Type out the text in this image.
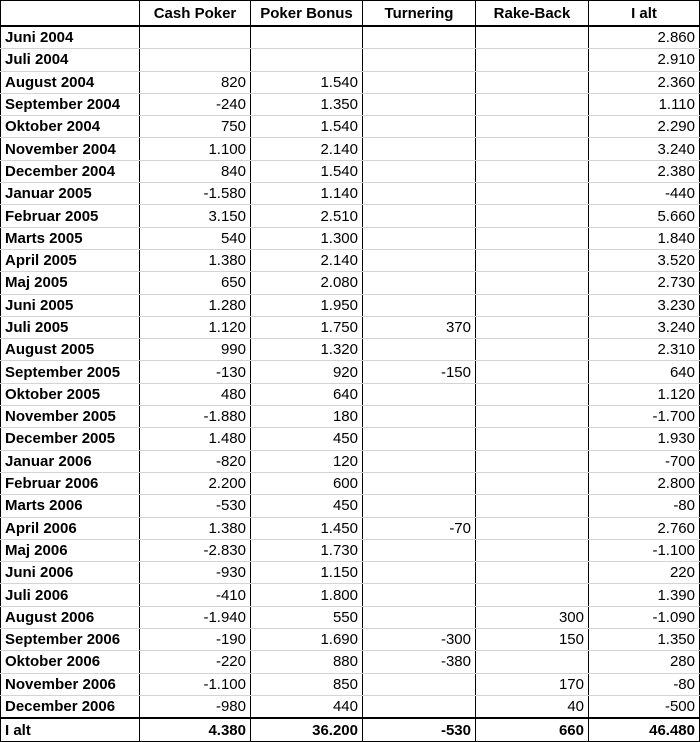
	Cash Poker	Poker Bonus	Turnering	Rake-Back	I alt
Juni 2004					2.860
Juli 2004					2.910
August 2004	820	1.540			2.360
September 2004	-240	1.350			1.110
Oktober 2004	750	1.540			2.290
November 2004	1.100	2.140			3.240
December 2004	840	1.540			2.380
Januar 2005	-1.580	1.140			-440
Februar 2005	3.150	2.510			5.660
Marts 2005	540	1.300			1.840
April 2005	1.380	2.140			3.520
Maj 2005	650	2.080			2.730
Juni 2005	1.280	1.950			3.230
Juli 2005	1.120	1.750	370		3.240
August 2005	990	1.320			2.310
September 2005	-130	920	-150		640
Oktober 2005	480	640			1.120
November 2005	-1.880	180			-1.700
December 2005	1.480	450			1.930
Januar 2006	-820	120			-700
Februar 2006	2.200	600			2.800
Marts 2006	-530	450			-80
April 2006	1.380	1.450	-70		2.760
Maj 2006	-2.830	1.730			-1.100
Juni 2006	-930	1.150			220
Juli 2006	-410	1.800			1.390
August 2006	-1.940	550		300	-1.090
September 2006	-190	1.690	-300	150	1.350
Oktober 2006	-220	880	-380		280
November 2006	-1.100	850		170	-80
December 2006	-980	440		40	-500
I alt	4.380	36.200	-530	660	46.480
